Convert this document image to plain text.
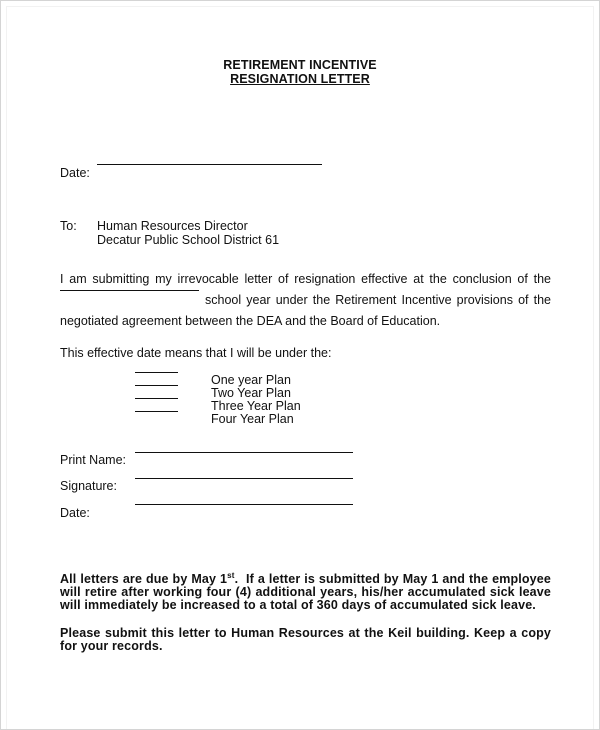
RETIREMENT INCENTIVE
RESIGNATION LETTER
Date:
To: Human Resources Director
Decatur Public School District 61
I am submitting my irrevocable letter of resignation effective at the conclusion of the
school year under the Retirement Incentive provisions of the
negotiated agreement between the DEA and the Board of Education.
This effective date means that I will be under the:
One year Plan
Two Year Plan
Three Year Plan
Four Year Plan
Print Name:
Signature:
Date:
All letters are due by May 1st.  If a letter is submitted by May 1 and the employee
will retire after working four (4) additional years, his/her accumulated sick leave
will immediately be increased to a total of 360 days of accumulated sick leave.
Please submit this letter to Human Resources at the Keil building. Keep a copy
for your records.
